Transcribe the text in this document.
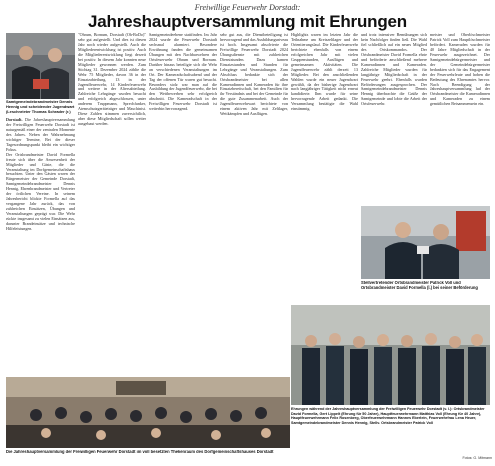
Freiwillige Feuerwehr Dorstadt:
Jahreshauptversammlung mit Ehrungen
Samtgemeindebrandmeister Dennis Hennig und scheidender Jugendwart (Leschnrieter Thomas Schrader (r.)

Dorstadt. Die Jahreshauptversammlung der Freiwilligen Feuerwehr Dorstadt ist naturgemäß einer der zentralen Momente des Jahres. Neben der Wahrnehmung wichtiger Termine, Bei der dieser Tagesordnungspunkt bleibt ein wichtiger Fokus.

Der Ortsbrandmeister David Formella freute sich über die Anwesenheit der Mitglieder und Gäste, die die Veranstaltung im Dorfgemeinschaftshaus besuchten. Unter den Gästen waren der Bürgermeister der Gemeinde Dorstadt, Samtgemeindebrandmeister Dennis Hennig, Ehrenbrandmeister und Vertreter der örtlichen Vereine. In seinem Jahresbericht blickte Formella auf das vergangene Jahr zurück, das von zahlreichen Einsätzen, Übungen und Veranstaltungen geprägt war. Die Wehr rückte insgesamt zu vielen Einsätzen aus, darunter Brandeinsätze und technische Hilfeleistungen.

"Ohrum, Bornum, Dorstadt (Oh-BoDo)" sehr gut aufgestellt. Und dies ist diesen Jahr noch wieder aufgestellt. Auch die Mitgliederentwicklung ist positiv. Auch die Mitgliederentwicklung liegt derzeit bei positiv. In diesem Jahr konnten neue Mitglieder gewonnen werden. Zum Stichtag 31. Dezember 2024 zählte die Wehr 75 Mitglieder, davon 36 in der Einsatzabteilung, 13 in der Jugendfeuerwehr, 14 Kinderfeuerwehr und weitere in der Altersabteilung. Zahlreiche Lehrgänge wurden besucht und erfolgreich abgeschlossen, unter anderem Truppmann, Sprechfunker, Atemschutzgeräteträger und Maschinist. Diese Zahlen stimmen zuversichtlich, aber diese Mitgliedschaft sollen weiter ausgebaut werden.
Samtgemeindeebene stattfinden. Im Jahr 2024 wurde die Feuerwehr Dorstadt sechsmal alarmiert. Besondere Erwähnung fanden die gemeinsamen Übungen mit den Nachbarwehren der Ortsfeuerwehr Ohrum und Bornum. Darüber hinaus beteiligte sich die Wehr an verschiedenen Veranstaltungen im Ort. Der Kameradschaftsabend und der Tag der offenen Tür waren gut besucht. Besonders stolz war man auf die Ausbildung der Jugendfeuerwehr, die bei den Wettbewerben sehr erfolgreich abschnitt. Die Kameradschaft in der Freiwilligen Feuerwehr Dorstadt ist weiterhin hervorragend.
sehr gut aus, die Dienstbeteiligung ist hervorragend und das Ausbildungsniveau ist hoch. Insgesamt absolvierte die Freiwillige Feuerwehr Dorstadt 2024 Übungsdienste mit zahlreichen Dienststunden. Dazu kamen Einsatzstunden und Stunden für Lehrgänge und Veranstaltungen. Zum Abschluss bedankte sich der Ortsbrandmeister bei allen Kameradinnen und Kameraden für ihre Einsatzbereitschaft, bei den Familien für ihr Verständnis und bei der Gemeinde für die gute Zusammenarbeit. Auch der Jugendfeuerwehrwart berichtete von einem aktiven Jahr mit Zeltlager, Wettkämpfen und Ausflügen.
Highlights waren im letzten Jahr die Teilnahme am Kreiszeltlager und der Orientierungslauf. Die Kinderfeuerwehr berichtete ebenfalls von einem erfolgreichen Jahr mit vielen Gruppenstunden, Ausflügen und gemeinsamen Aktivitäten. Die Jugendfeuerwehr zählt derzeit 13 Mitglieder. Bei den anschließenden Wahlen wurde ein neuer Jugendwart gewählt, da der bisherige Jugendwart nach langjähriger Tätigkeit nicht erneut kandidierte. Ihm wurde für seine hervorragende Arbeit gedankt. Die Versammlung bestätigte die Wahl einstimmig.
und trotz intensiver Bemühungen sich kein Nachfolger finden ließ. Die Wahl fiel schließlich auf ein neues Mitglied des Ortskommandos. Der Ortsbrandmeister David Formella ehrte und beförderte anschließend mehrere Kameradinnen und Kameraden. Zahlreiche Mitglieder wurden für langjährige Mitgliedschaft in der Feuerwehr geehrt. Ebenfalls wurden Beförderungen ausgesprochen. Der Samtgemeindebrandmeister Dennis Hennig überbrachte die Grüße der Samtgemeinde und lobte die Arbeit der Ortsfeuerwehr.
meister und Oberlöschmeister Patrick Voll zum Hauptlöschmeister befördert. Kameraden wurden für 40 Jahre Mitgliedschaft in der Feuerwehr ausgezeichnet. Der Samtgemeindebürgermeister und der Gemeindebürgermeister bedankten sich für das Engagement der Feuerwehrleute und hoben die Bedeutung des Ehrenamtes hervor. Nach Beendigung der Jahreshauptversammlung lud der Ortsbrandmeister die Kameradinnen und Kameraden zu einem gemütlichen Beisammensein ein.
Stellvertretender Ortsbrandmeister Patrick Voll und Ortsbrandmeister David Formella (l.) bei seiner Beförderung
Die Jahreshauptversammlung der Freiwilligen Feuerwehr Dorstadt im voll besetzten Thekenraum des Dorfgemeinschaftshauses Dorstadt
Ehrungen während der Jahreshauptversammlung der Freiwilligen Feuerwehr Dorstadt (v. l.): Ortsbrandmeister David Formella, Gert Lippelt (Ehrung für 50 Jahre), Hauptfeuerwehrmann Matthias Voll (Ehrung für 40 Jahre), Hauptfeuerwehrmann Felix Rosenberg, Oberfeuerwehrmann Hannes Eberlein, Feuerwehrfrau Lena Heuer, Samtgemeindebrandmeister Dennis Hennig, Stellv. Ortsbrandmeister Patrick Voll
Fotos: G. Mitmann
